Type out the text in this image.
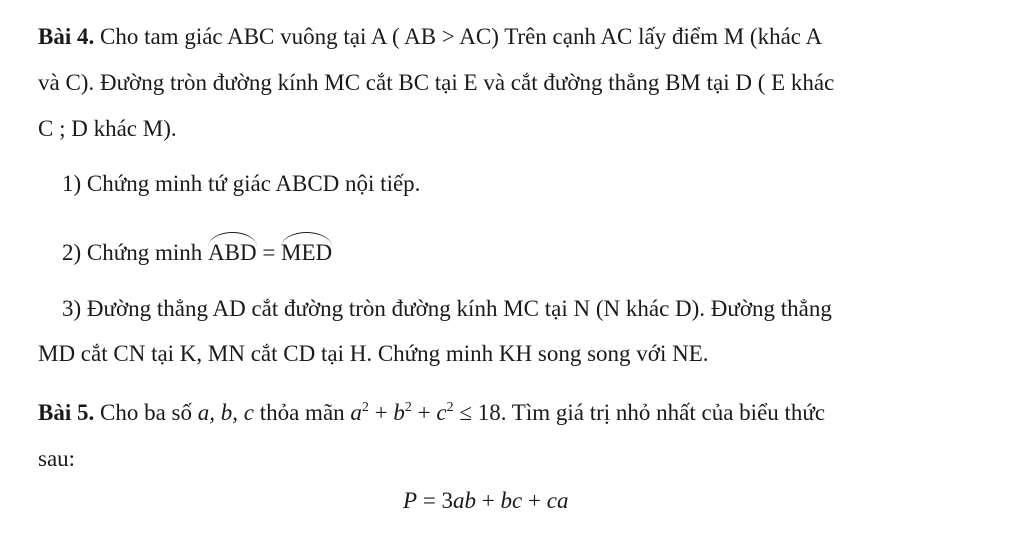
Bài 4. Cho tam giác ABC vuông tại A ( AB > AC) Trên cạnh AC lấy điểm M (khác A
và C). Đường tròn đường kính MC cắt BC tại E và cắt đường thẳng BM tại D ( E khác
C ; D khác M).
1) Chứng minh tứ giác ABCD nội tiếp.
2) Chứng minh ABD = MED
3) Đường thẳng AD cắt đường tròn đường kính MC tại N (N khác D). Đường thẳng
MD cắt CN tại K, MN cắt CD tại H. Chứng minh KH song song với NE.
Bài 5. Cho ba số a, b, c thỏa mãn $a^2 + b^2 + c^2 \le 18$. Tìm giá trị nhỏ nhất của biểu thức
sau:
P = 3ab + bc + ca
